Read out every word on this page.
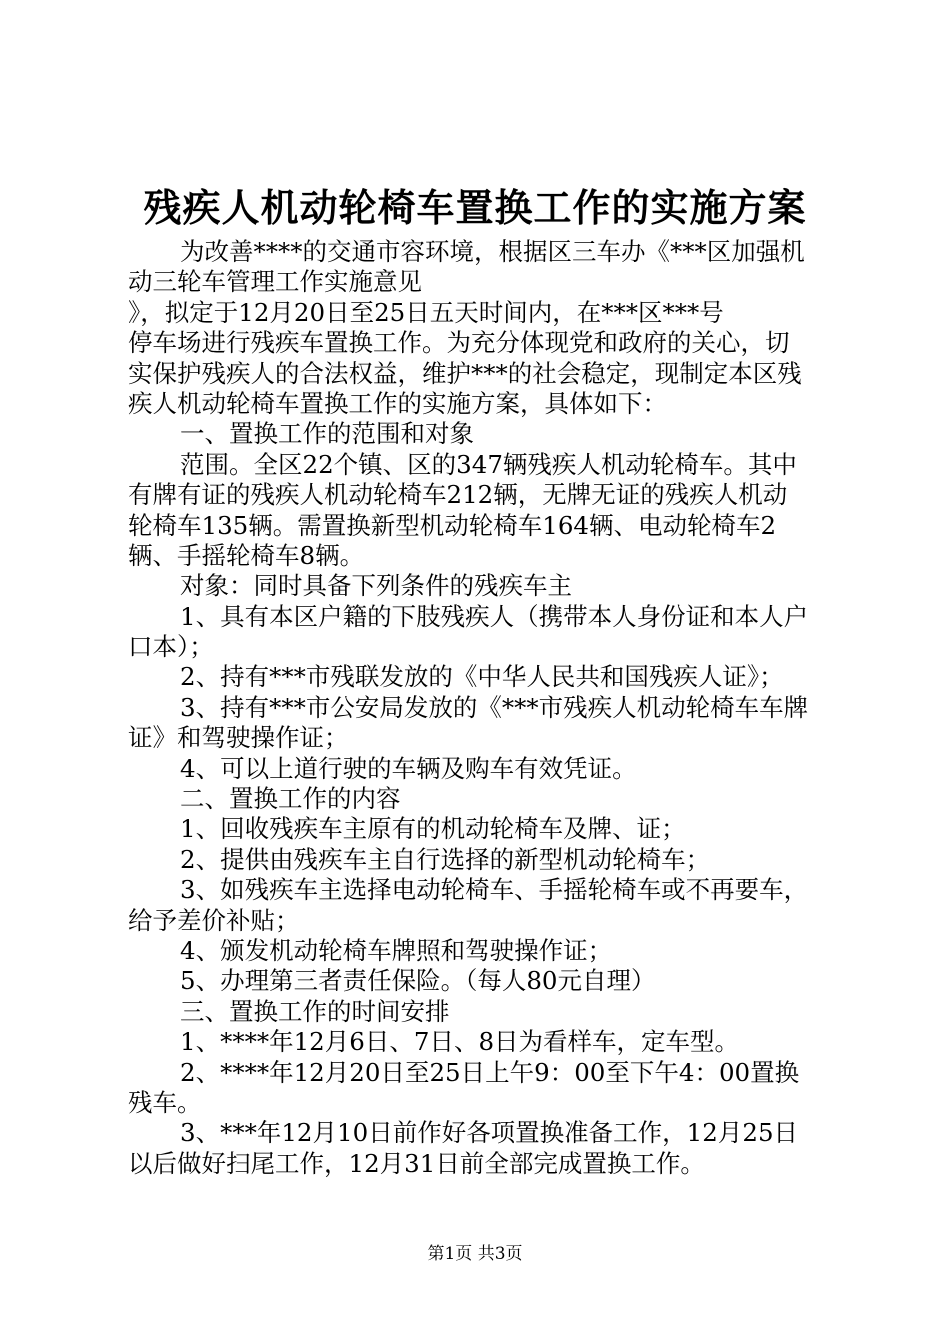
残疾人机动轮椅车置换工作的实施方案

为改善****的交通市容环境，根据区三车办《***区加强机

动三轮车管理工作实施意见

》，拟定于12月20日至25日五天时间内，在***区***号

停车场进行残疾车置换工作。为充分体现党和政府的关心，切

实保护残疾人的合法权益，维护***的社会稳定，现制定本区残

疾人机动轮椅车置换工作的实施方案，具体如下：

一、置换工作的范围和对象

范围。全区22个镇、区的347辆残疾人机动轮椅车。其中

有牌有证的残疾人机动轮椅车212辆，无牌无证的残疾人机动

轮椅车135辆。需置换新型机动轮椅车164辆、电动轮椅车2

辆、手摇轮椅车8辆。

对象：同时具备下列条件的残疾车主

1、具有本区户籍的下肢残疾人（携带本人身份证和本人户

口本）；

2、持有***市残联发放的《中华人民共和国残疾人证》；

3、持有***市公安局发放的《***市残疾人机动轮椅车车牌

证》和驾驶操作证；

4、可以上道行驶的车辆及购车有效凭证。

二、置换工作的内容

1、回收残疾车主原有的机动轮椅车及牌、证；

2、提供由残疾车主自行选择的新型机动轮椅车；

3、如残疾车主选择电动轮椅车、手摇轮椅车或不再要车，

给予差价补贴；

4、颁发机动轮椅车牌照和驾驶操作证；

5、办理第三者责任保险。（每人80元自理）

三、置换工作的时间安排

1、****年12月6日、7日、8日为看样车，定车型。

2、****年12月20日至25日上午9：00至下午4：00置换

残车。

3、***年12月10日前作好各项置换准备工作，12月25日

以后做好扫尾工作，12月31日前全部完成置换工作。

第1页 共3页
